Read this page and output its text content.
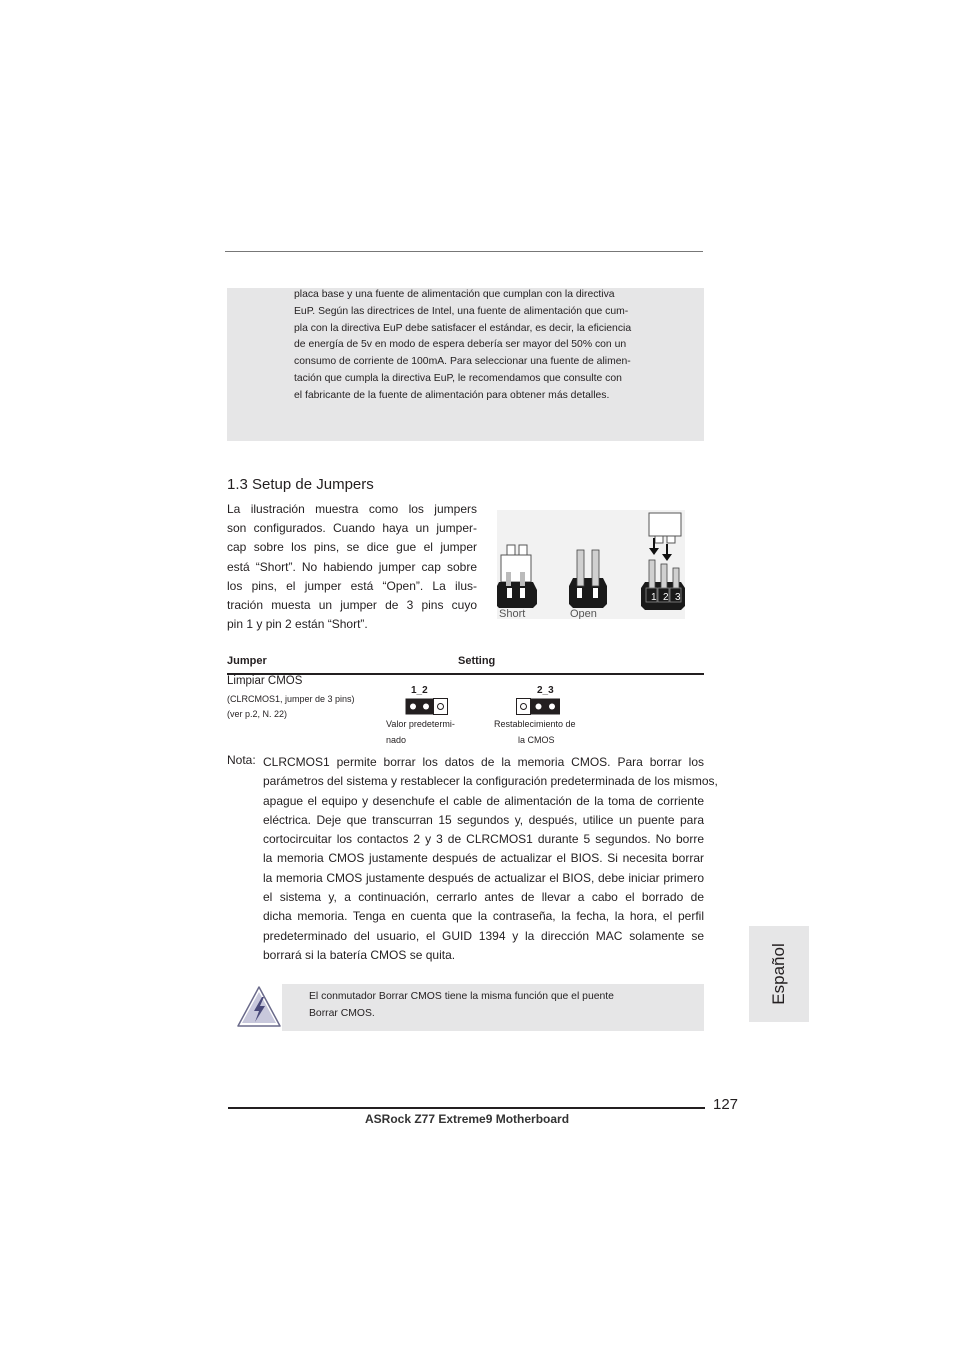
placa base y una fuente de alimentación que cumplan con la directiva
EuP. Según las directrices de Intel, una fuente de alimentación que cum-
pla con la directiva EuP debe satisfacer el estándar, es decir, la eficiencia
de energía de 5v en modo de espera debería ser mayor del 50% con un
consumo de corriente de 100mA. Para seleccionar una fuente de alimen-
tación que cumpla la directiva EuP, le recomendamos que consulte con
el fabricante de la fuente de alimentación para obtener más detalles.
1.3 Setup de Jumpers
La ilustración muestra como los jumpers
son configurados. Cuando haya un jumper-
cap sobre los pins, se dice gue el jumper
está “Short”. No habiendo jumper cap sobre
los pins, el jumper está “Open”. La ilus-
tración muesta un jumper de 3 pins cuyo
pin 1 y pin 2 están “Short”.
1 2 3
Short	Open
Jumper	Setting
Limpiar CMOS
(CLRCMOS1, jumper de 3 pins)
(ver p.2, N. 22)
1_2
Valor predetermi-
nado
2_3
Restablecimiento de
la CMOS
Nota: CLRCMOS1 permite borrar los datos de la memoria CMOS. Para borrar los
parámetros del sistema y restablecer la configuración predeterminada de los mismos,
apague el equipo y desenchufe el cable de alimentación de la toma de corriente
eléctrica. Deje que transcurran 15 segundos y, después, utilice un puente para
cortocircuitar los contactos 2 y 3 de CLRCMOS1 durante 5 segundos. No borre
la memoria CMOS justamente después de actualizar el BIOS. Si necesita borrar
la memoria CMOS justamente después de actualizar el BIOS, debe iniciar primero
el sistema y, a continuación, cerrarlo antes de llevar a cabo el borrado de
dicha memoria. Tenga en cuenta que la contraseña, la fecha, la hora, el perfil
predeterminado del usuario, el GUID 1394 y la dirección MAC solamente se
borrará si la batería CMOS se quita.
El conmutador Borrar CMOS tiene la misma función que el puente
Borrar CMOS.
Español
127
ASRock Z77 Extreme9 Motherboard
